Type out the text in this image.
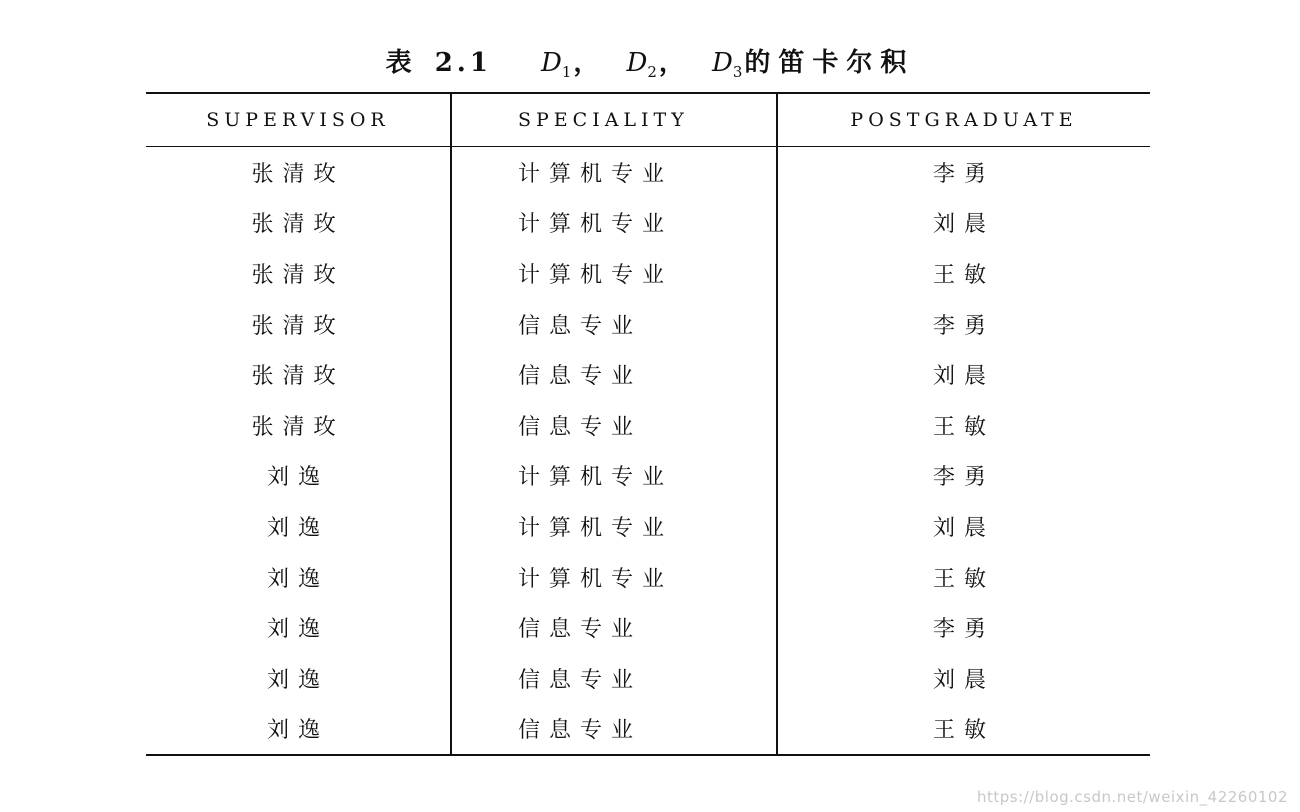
表 2.1 $D_1$， $D_2$， $D_3$的笛卡尔积
SUPERVISOR	SPECIALITY	POSTGRADUATE
张清玫	计算机专业	李勇
张清玫	计算机专业	刘晨
张清玫	计算机专业	王敏
张清玫	信息专业	李勇
张清玫	信息专业	刘晨
张清玫	信息专业	王敏
刘逸	计算机专业	李勇
刘逸	计算机专业	刘晨
刘逸	计算机专业	王敏
刘逸	信息专业	李勇
刘逸	信息专业	刘晨
刘逸	信息专业	王敏
https://blog.csdn.net/weixin_42260102
